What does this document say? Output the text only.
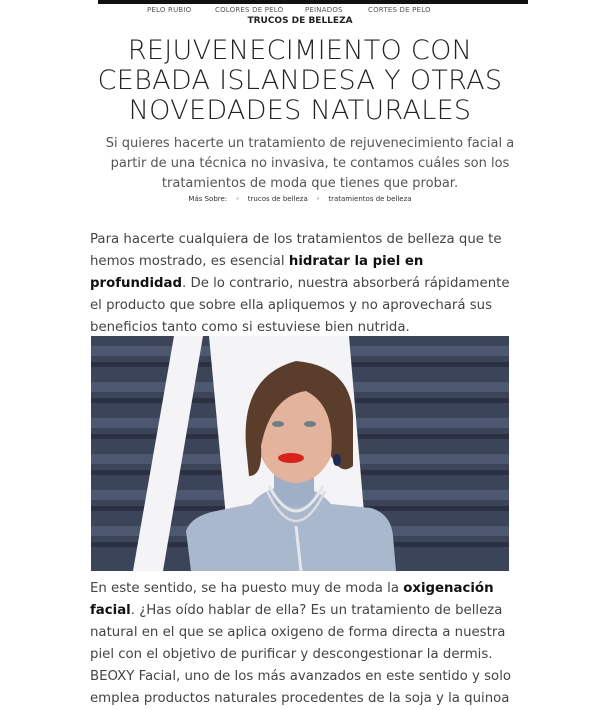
PELO RUBIO	COLORES DE PELO	PEINADOS	CORTES DE PELO
TRUCOS DE BELLEZA
REJUVENECIMIENTO CON
CEBADA ISLANDESA Y OTRAS
NOVEDADES NATURALES

Si quieres hacerte un tratamiento de rejuvenecimiento facial a partir de una técnica no invasiva, te contamos cuáles son los tratamientos de moda que tienes que probar.

Más Sobre: • trucos de belleza • tratamientos de belleza

Para hacerte cualquiera de los tratamientos de belleza que te hemos mostrado, es esencial hidratar la piel en profundidad. De lo contrario, nuestra absorberá rápidamente el producto que sobre ella apliquemos y no aprovechará sus beneficios tanto como si estuviese bien nutrida.

En este sentido, se ha puesto muy de moda la oxigenación facial. ¿Has oído hablar de ella? Es un tratamiento de belleza natural en el que se aplica oxigeno de forma directa a nuestra piel con el objetivo de purificar y descongestionar la dermis. BEOXY Facial, uno de los más avanzados en este sentido y solo emplea productos naturales procedentes de la soja y la quinoa
